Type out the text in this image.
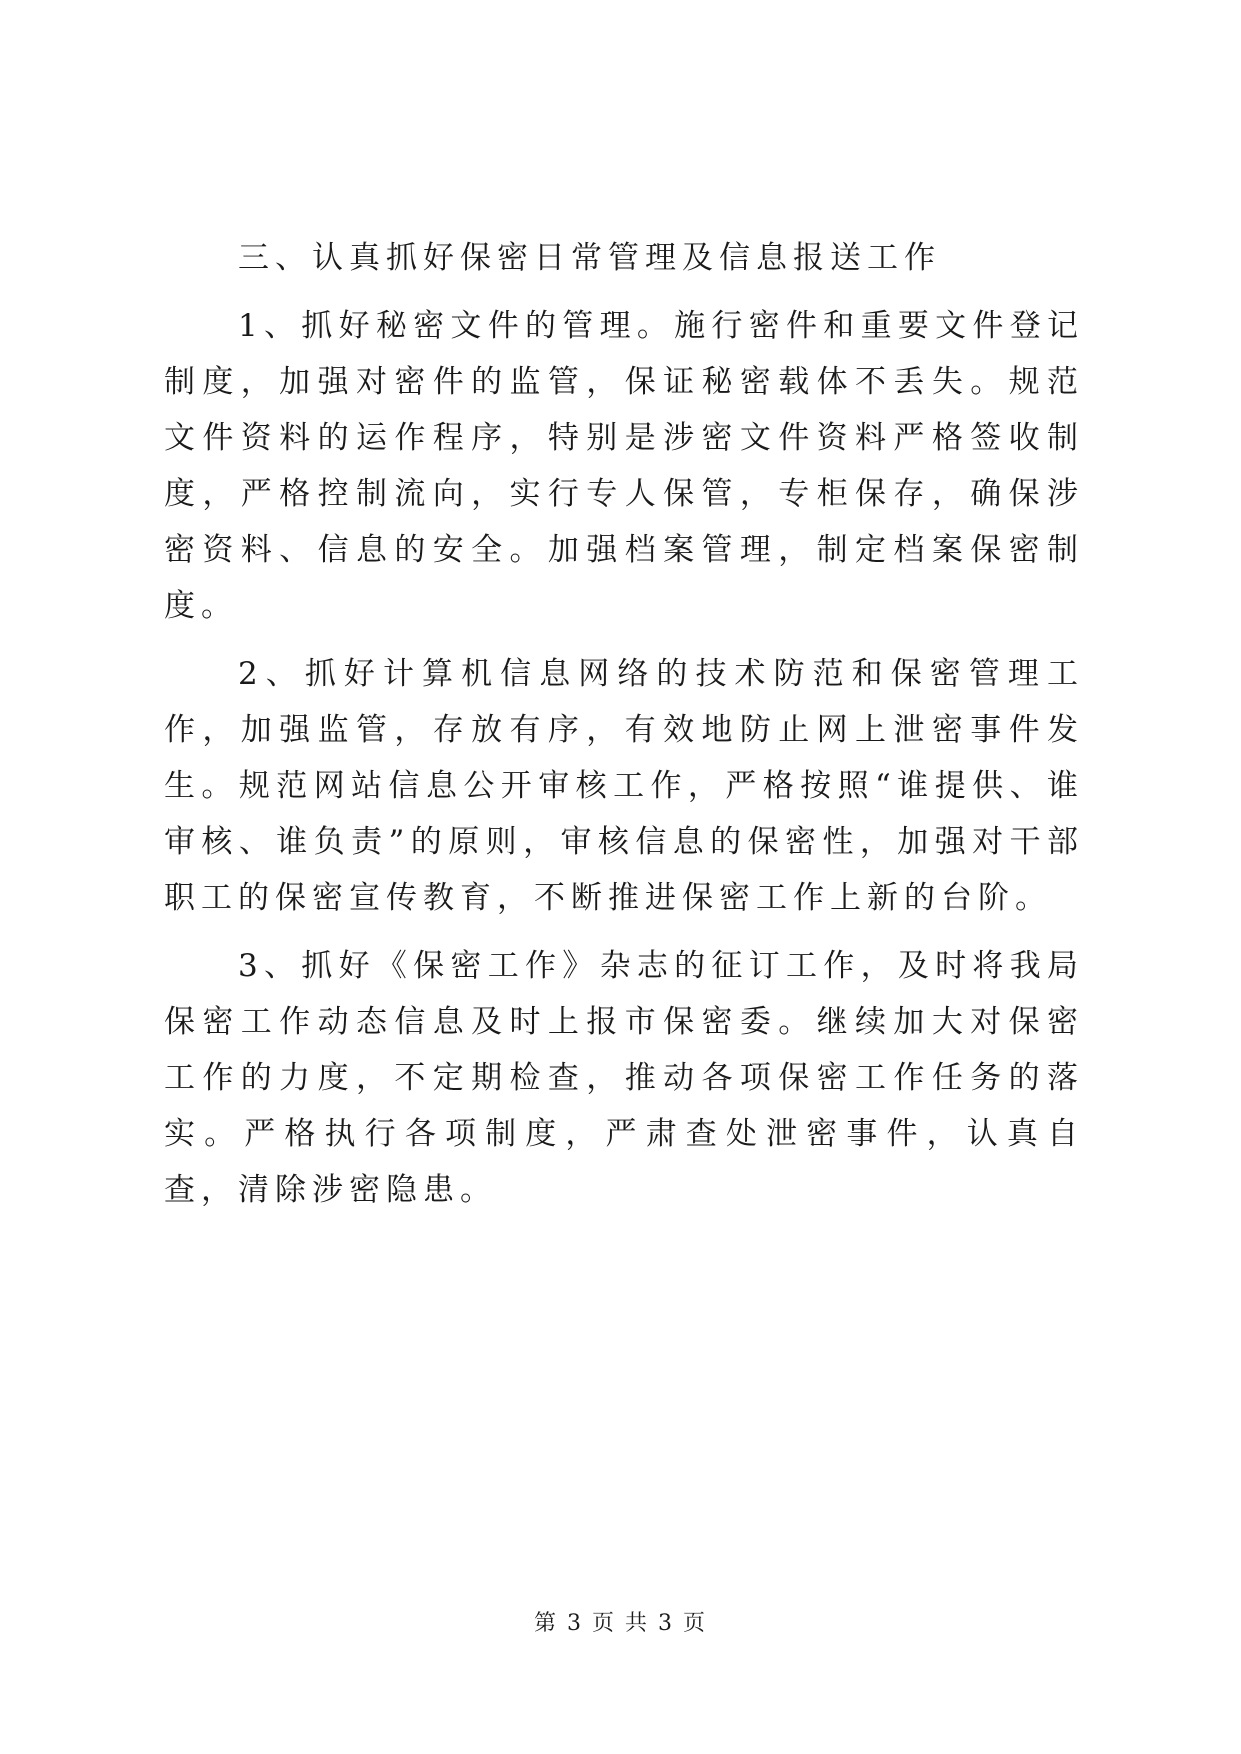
三、认真抓好保密日常管理及信息报送工作

1、抓好秘密文件的管理。施行密件和重要文件登记制度，加强对密件的监管，保证秘密载体不丢失。规范文件资料的运作程序，特别是涉密文件资料严格签收制度，严格控制流向，实行专人保管，专柜保存，确保涉密资料、信息的安全。加强档案管理，制定档案保密制度。

2、抓好计算机信息网络的技术防范和保密管理工作，加强监管，存放有序，有效地防止网上泄密事件发生。规范网站信息公开审核工作，严格按照“谁提供、谁审核、谁负责”的原则，审核信息的保密性，加强对干部职工的保密宣传教育，不断推进保密工作上新的台阶。

3、抓好《保密工作》杂志的征订工作，及时将我局保密工作动态信息及时上报市保密委。继续加大对保密工作的力度，不定期检查，推动各项保密工作任务的落实。严格执行各项制度，严肃查处泄密事件，认真自查，清除涉密隐患。

第 3 页 共 3 页
